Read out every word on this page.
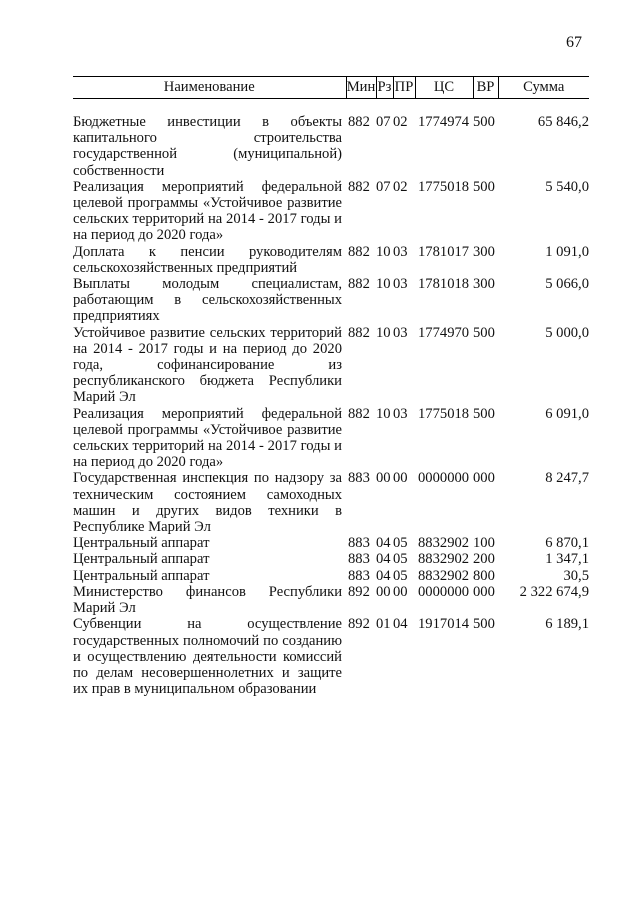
67
Наименование	Мин	Рз	ПР	ЦС	ВР	Сумма

Бюджетные инвестиции в объекты капитального строительства государственной (муниципальной) собственности	882	07	02	1774974	500	65 846,2
Реализация мероприятий федеральной целевой программы «Устойчивое развитие сельских территорий на 2014 - 2017 годы и на период до 2020 года»	882	07	02	1775018	500	5 540,0
Доплата к пенсии руководителям сельскохозяйственных предприятий	882	10	03	1781017	300	1 091,0
Выплаты молодым специалистам, работающим в сельскохозяйственных предприятиях	882	10	03	1781018	300	5 066,0
Устойчивое развитие сельских территорий на 2014 - 2017 годы и на период до 2020 года, софинансирование из республиканского бюджета Республики Марий Эл	882	10	03	1774970	500	5 000,0
Реализация мероприятий федеральной целевой программы «Устойчивое развитие сельских территорий на 2014 - 2017 годы и на период до 2020 года»	882	10	03	1775018	500	6 091,0
Государственная инспекция по надзору за техническим состоянием самоходных машин и других видов техники в Республике Марий Эл	883	00	00	0000000	000	8 247,7
Центральный аппарат	883	04	05	8832902	100	6 870,1
Центральный аппарат	883	04	05	8832902	200	1 347,1
Центральный аппарат	883	04	05	8832902	800	30,5
Министерство финансов Республики Марий Эл	892	00	00	0000000	000	2 322 674,9
Субвенции на осуществление государственных полномочий по созданию и осуществлению деятельности комиссий по делам несовершеннолетних и защите их прав в муниципальном образовании	892	01	04	1917014	500	6 189,1
